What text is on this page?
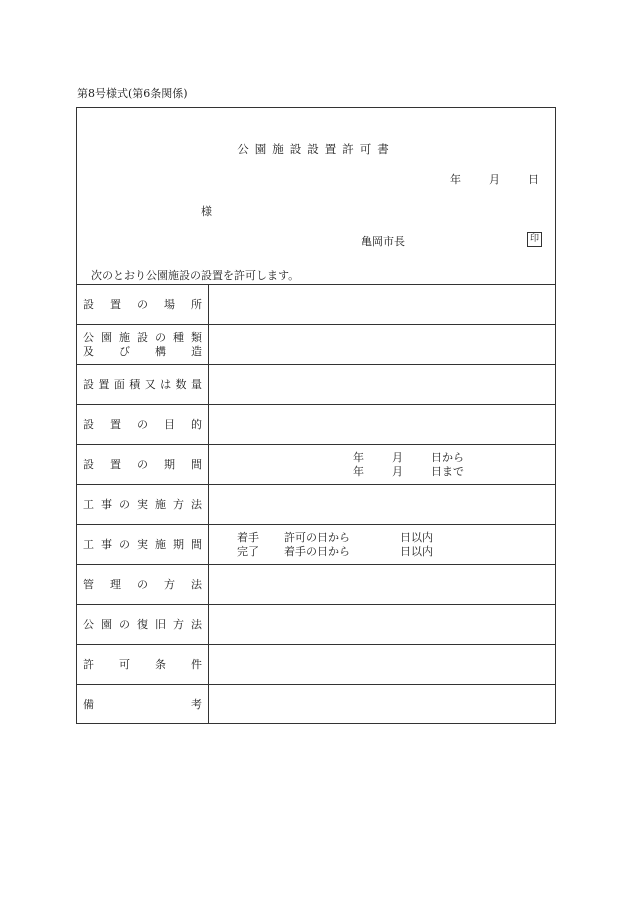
第8号様式(第6条関係)
公園施設設置許可書
年	月	日
様
亀岡市長	印
次のとおり公園施設の設置を許可します。
設 置 の 場 所
公 園 施 設 の 種 類
及 び 構 造
設 置 面 積 又 は 数 量
設 置 の 目 的
設 置 の 期 間	年	月	日から
年	月	日まで
工 事 の 実 施 方 法
工 事 の 実 施 期 間	着手 許可の日から	日以内
完了 着手の日から	日以内
管 理 の 方 法
公 園 の 復 旧 方 法
許 可 条 件
備	考
